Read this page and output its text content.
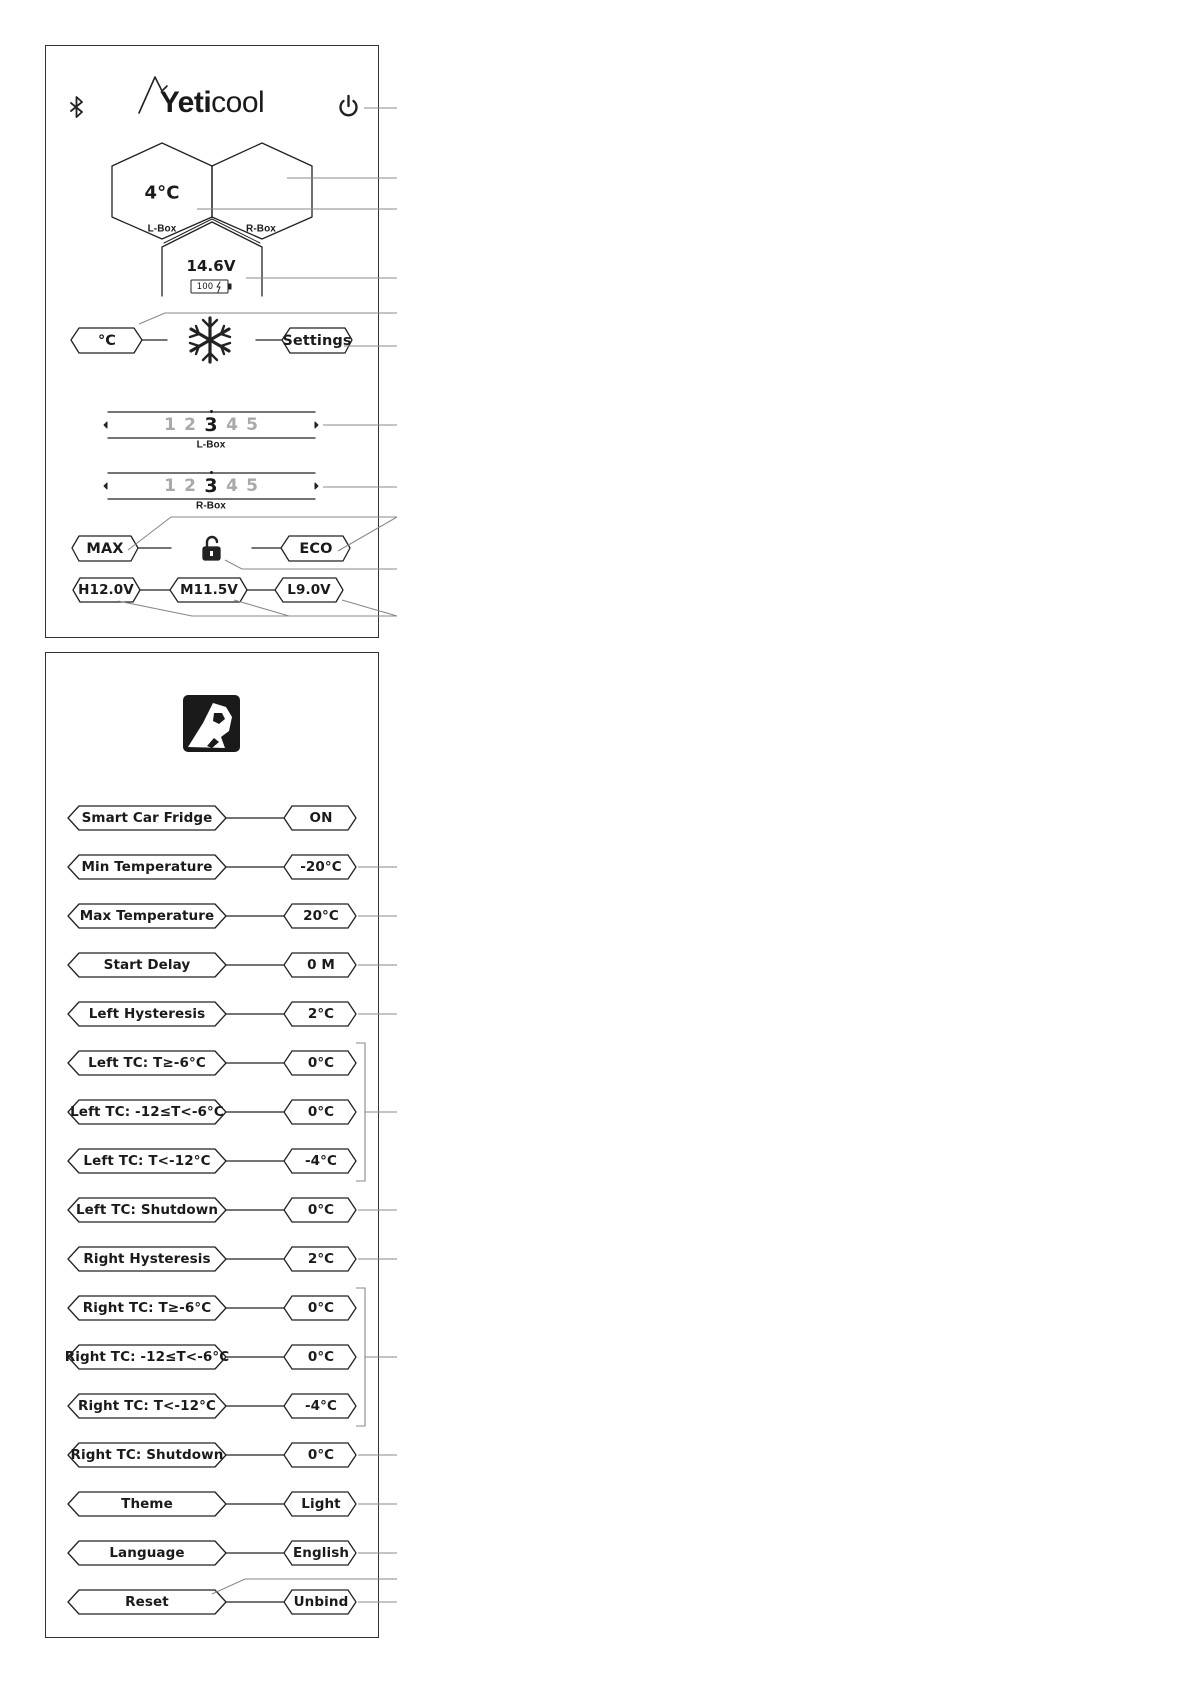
Yeticool
4°C
L-Box	R-Box
14.6V
100
°C	Settings
1 2 3 4 5
L-Box
1 2 3 4 5
R-Box
MAX	ECO
H12.0V	M11.5V	L9.0V
Smart Car Fridge	ON
Min Temperature	-20°C
Max Temperature	20°C
Start Delay	0 M
Left Hysteresis	2°C
Left TC: T≥-6°C	0°C
Left TC: -12≤T<-6°C	0°C
Left TC: T<-12°C	-4°C
Left TC: Shutdown	0°C
Right Hysteresis	2°C
Right TC: T≥-6°C	0°C
Right TC: -12≤T<-6°C	0°C
Right TC: T<-12°C	-4°C
Right TC: Shutdown	0°C
Theme	Light
Language	English
Reset	Unbind
